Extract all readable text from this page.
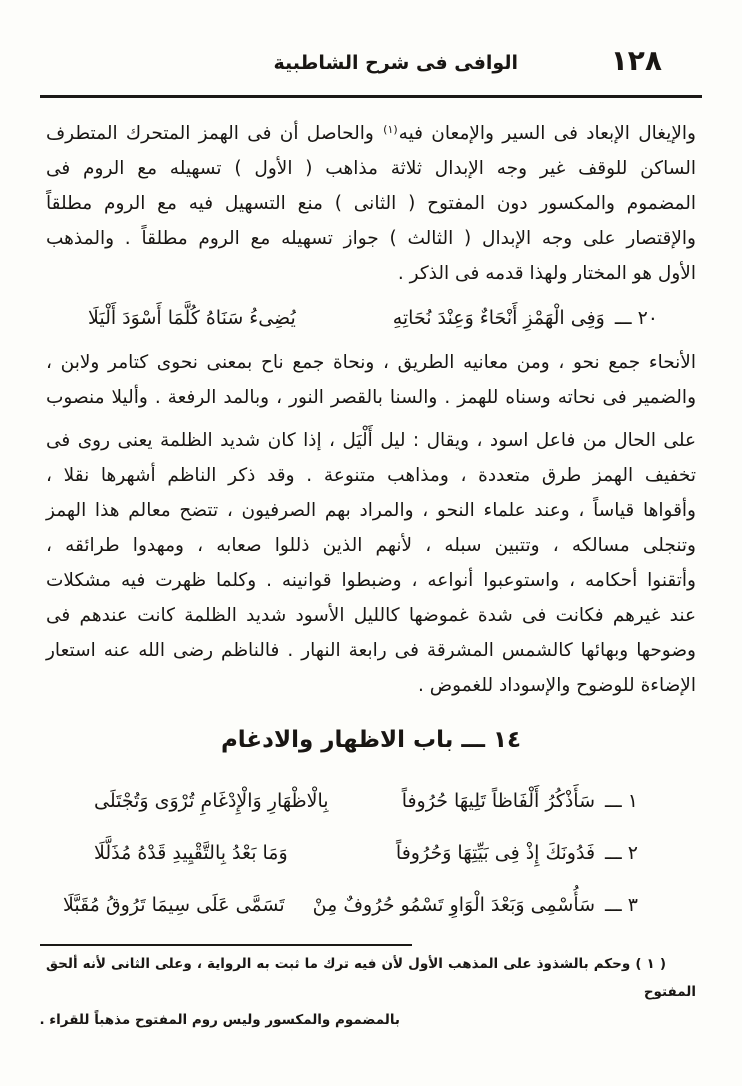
الوافى فى شرح الشاطبية	١٢٨
والإيغال الإبعاد فى السير والإمعان فيه$^{(١)}$ والحاصل أن فى الهمز المتحرك المتطرف
الساكن للوقف غير وجه الإبدال ثلاثة مذاهب ( الأول ) تسهيله مع الروم فى
المضموم والمكسور دون المفتوح ( الثانى ) منع التسهيل فيه مع الروم مطلقاً
والإقتصار على وجه الإبدال ( الثالث ) جواز تسهيله مع الروم مطلقاً . والمذهب
الأول هو المختار ولهذا قدمه فى الذكر .
٢٠ ـــ
وَفِى الْهَمْزِ أَنْحَاءٌ وَعِنْدَ نُحَاتِهِ
يُضِىءُ سَنَاهُ كُلَّمَا أَسْوَدَ أَلْيَلَا
الأنحاء جمع نحو ، ومن معانيه الطريق ، ونحاة جمع ناح بمعنى نحوى كتامر ولابن ،
والضمير فى نحاته وسناه للهمز . والسنا بالقصر النور ، وبالمد الرفعة . وأليلا منصوب
على الحال من فاعل اسود ، ويقال : ليل أَلْيَل ، إذا كان شديد الظلمة يعنى روى فى
تخفيف الهمز طرق متعددة ، ومذاهب متنوعة . وقد ذكر الناظم أشهرها نقلا ،
وأقواها قياساً ، وعند علماء النحو ، والمراد بهم الصرفيون ، تتضح معالم هذا الهمز
وتنجلى مسالكه ، وتتبين سبله ، لأنهم الذين ذللوا صعابه ، ومهدوا طرائقه ،
وأتقنوا أحكامه ، واستوعبوا أنواعه ، وضبطوا قوانينه . وكلما ظهرت فيه مشكلات
عند غيرهم فكانت فى شدة غموضها كالليل الأسود شديد الظلمة كانت عندهم فى
وضوحها وبهائها كالشمس المشرقة فى رابعة النهار . فالناظم رضى الله عنه استعار
الإضاءة للوضوح والإسوداد للغموض .
١٤ ـــ باب الاظهار والادغام
١ ـــ
سَأَذْكُرُ أَلْفَاظاً تَلِيهَا حُرُوفاً
بِالْاظْهَارِ وَالْإِدْغَامِ تُرْوَى وَتُجْتَلَى
٢ ـــ
فَدُونَكَ إِذْ فِى بَيِّتِهَا وَحُرُوفاً
وَمَا بَعْدُ بِالتَّقْيِيدِ قَدْهُ مُذَلَّلَا
٣ ـــ
سَأُسْمِى وَبَعْدَ الْوَاوِ تَسْمُو حُرُوفٌ مِنْ
تَسَمَّى عَلَى سِيمَا تَرُوقُ مُقَبَّلَا
( ١ ) وحكم بالشذوذ على المذهب الأول لأن فيه ترك ما ثبت به الرواية ، وعلى الثانى لأنه ألحق المفتوح
بالمضموم والمكسور وليس روم المفتوح مذهباً للقراء .
